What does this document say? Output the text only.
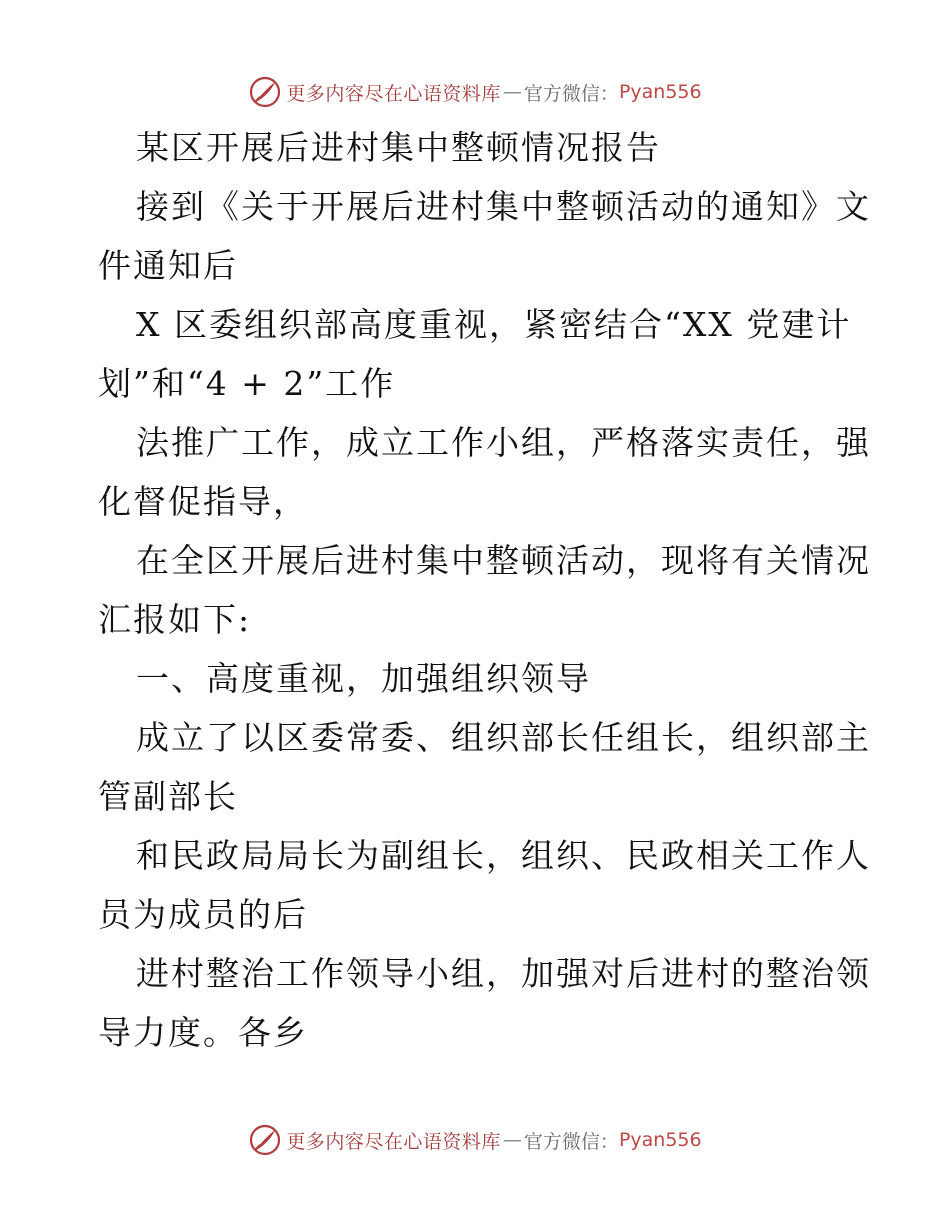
更多内容尽在心语资料库 — 官方微信： Pyan556

某区开展后进村集中整顿情况报告

接到《关于开展后进村集中整顿活动的通知》文
件通知后

X 区委组织部高度重视，紧密结合“XX 党建计
划”和“4 + 2”工作

法推广工作，成立工作小组，严格落实责任，强
化督促指导，

在全区开展后进村集中整顿活动，现将有关情况
汇报如下:

一、高度重视，加强组织领导

成立了以区委常委、组织部长任组长，组织部主
管副部长

和民政局局长为副组长，组织、民政相关工作人
员为成员的后

进村整治工作领导小组，加强对后进村的整治领
导力度。各乡

更多内容尽在心语资料库 — 官方微信： Pyan556
